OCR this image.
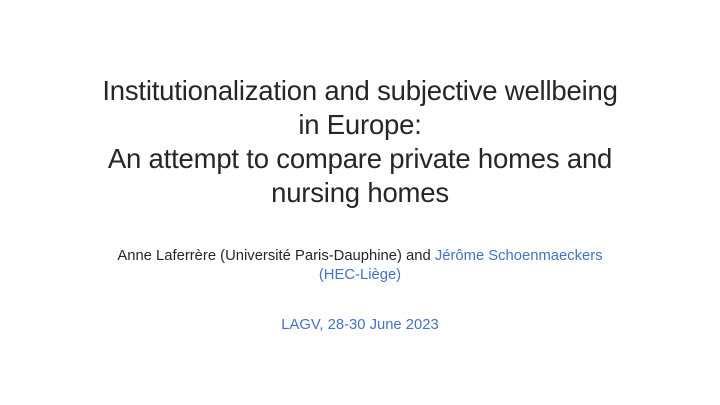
Institutionalization and subjective wellbeing
in Europe:
An attempt to compare private homes and
nursing homes
Anne Laferrère (Université Paris-Dauphine) and Jérôme Schoenmaeckers
(HEC-Liège)
LAGV, 28-30 June 2023
